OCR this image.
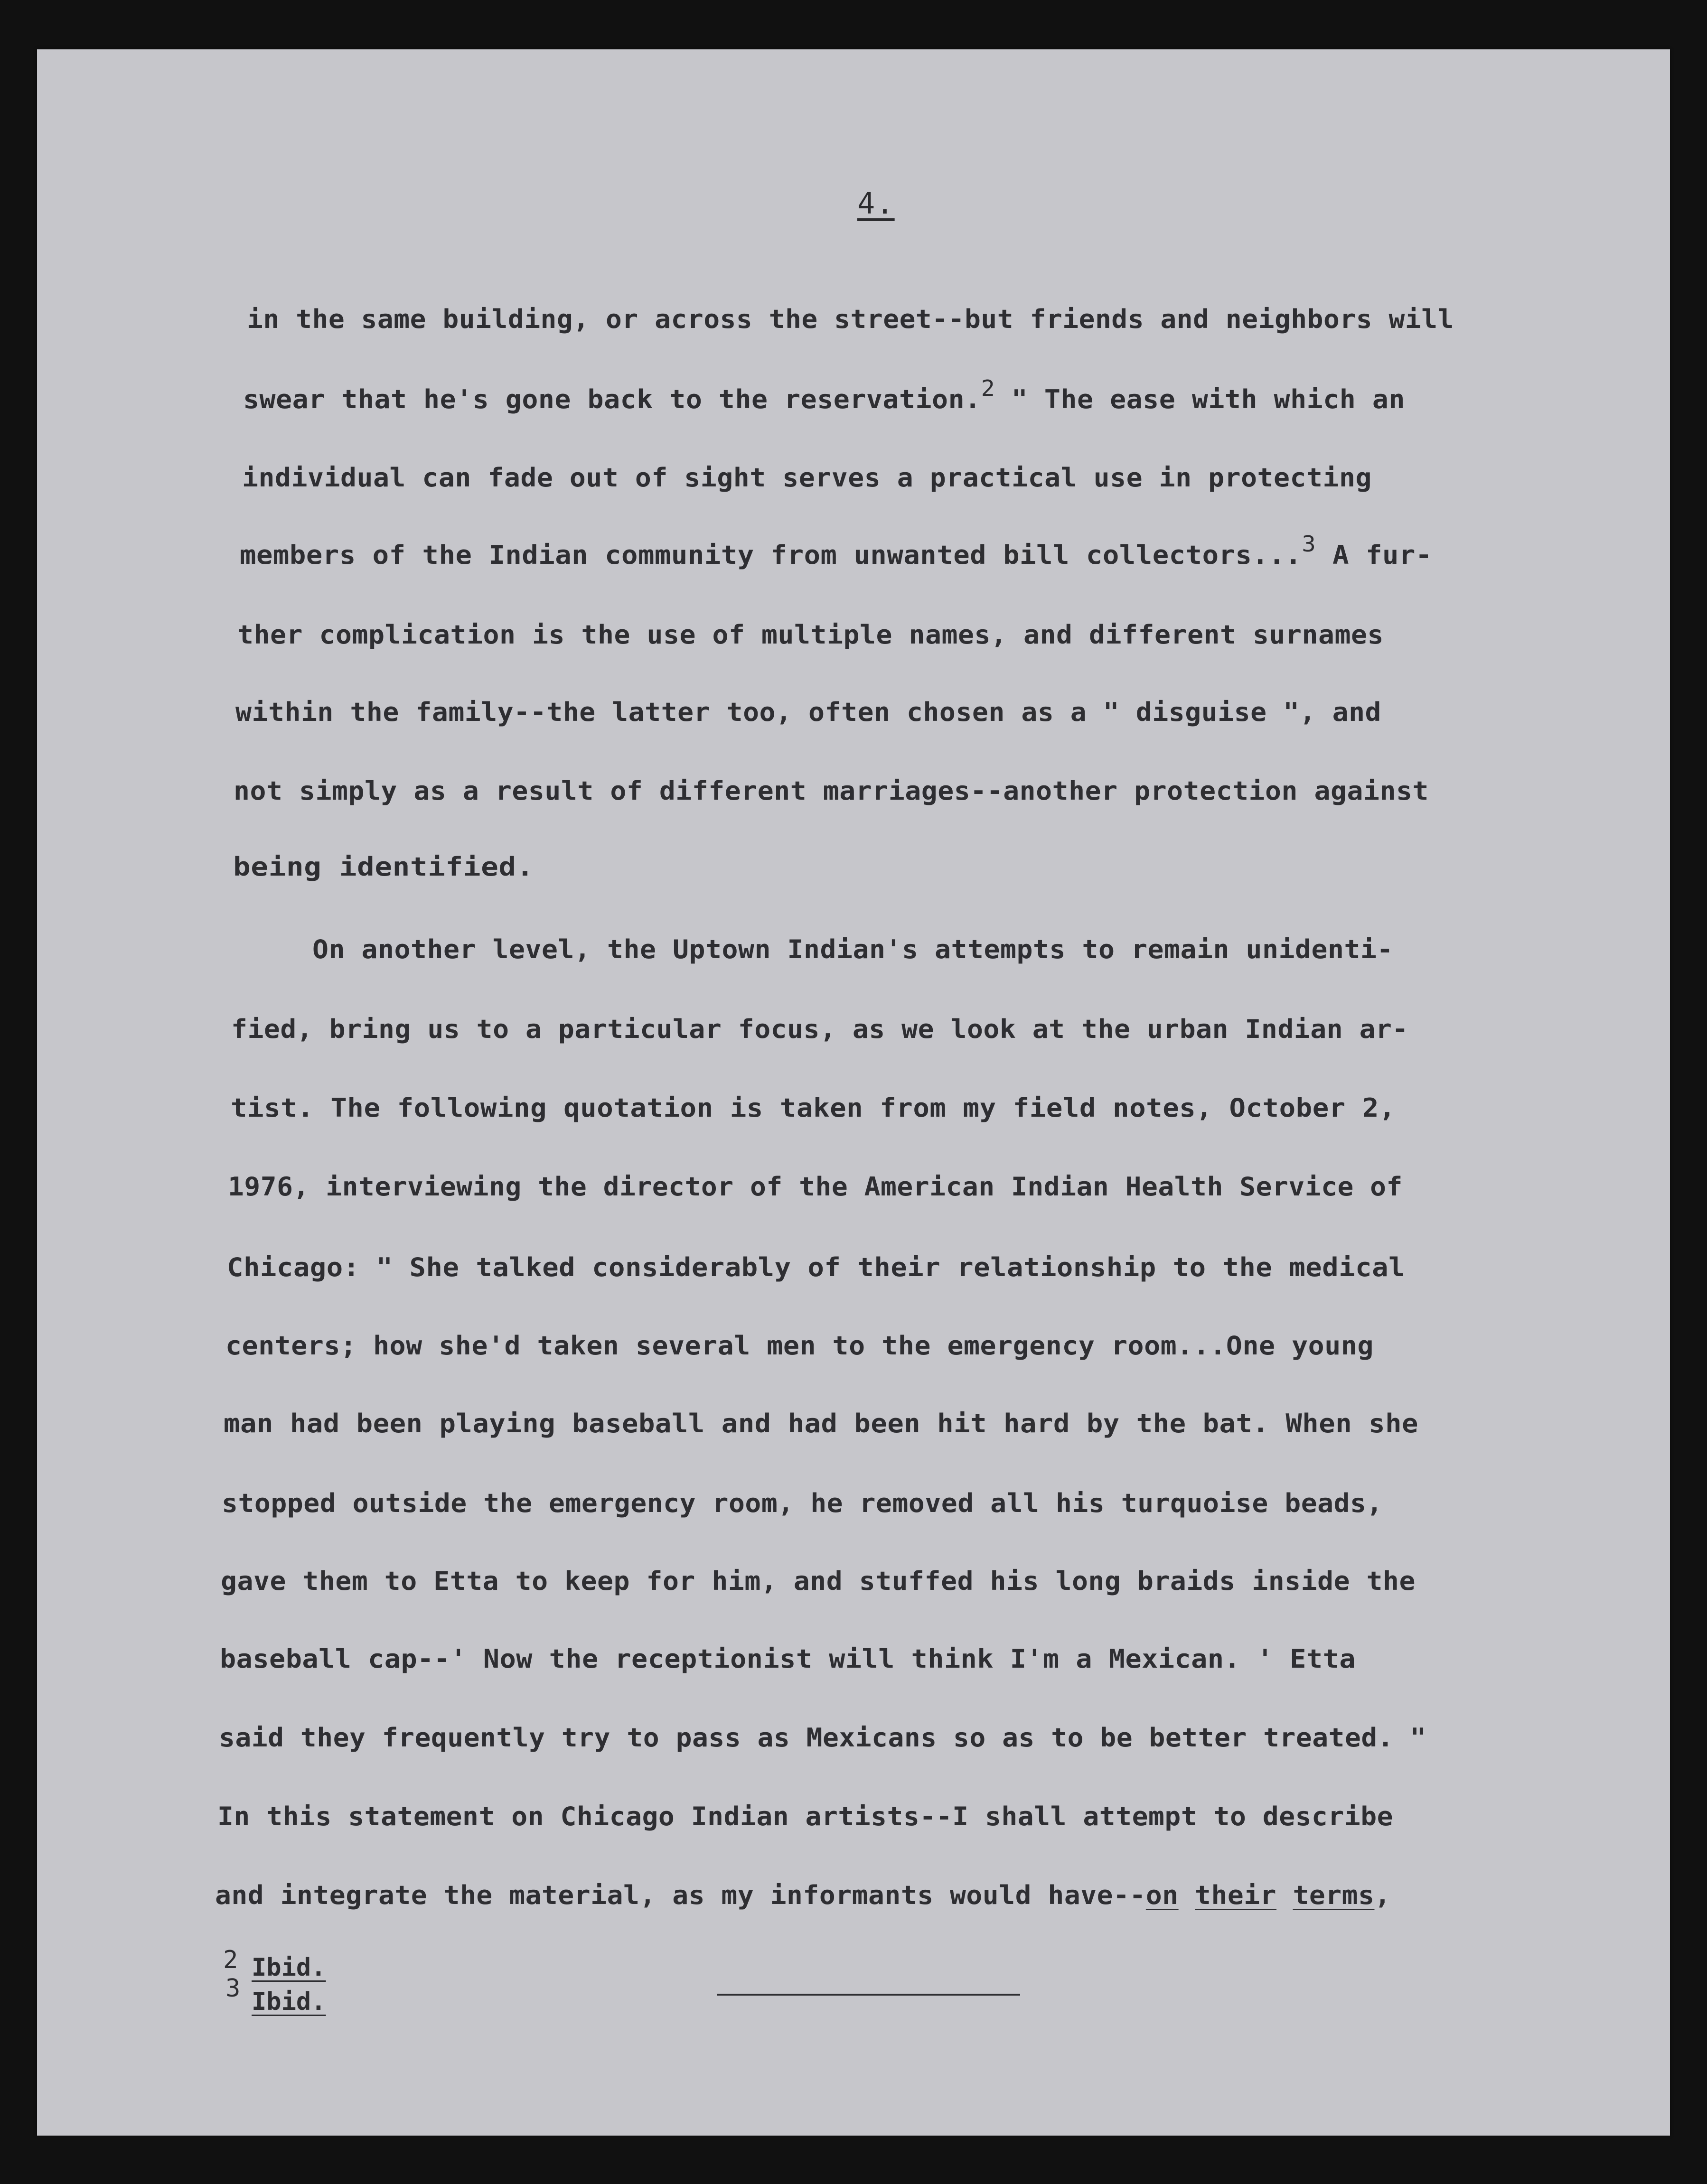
4.
in the same building, or across the street--but friends and neighbors will
swear that he's gone back to the reservation.$^2$ " The ease with which an
individual can fade out of sight serves a practical use in protecting
members of the Indian community from unwanted bill collectors...$^3$ A fur-
ther complication is the use of multiple names, and different surnames
within the family--the latter too, often chosen as a " disguise ", and
not simply as a result of different marriages--another protection against
being identified.
On another level, the Uptown Indian's attempts to remain unidenti-
fied, bring us to a particular focus, as we look at the urban Indian ar-
tist. The following quotation is taken from my field notes, October 2,
1976, interviewing the director of the American Indian Health Service of
Chicago: " She talked considerably of their relationship to the medical
centers; how she'd taken several men to the emergency room...One young
man had been playing baseball and had been hit hard by the bat. When she
stopped outside the emergency room, he removed all his turquoise beads,
gave them to Etta to keep for him, and stuffed his long braids inside the
baseball cap--' Now the receptionist will think I'm a Mexican. ' Etta
said they frequently try to pass as Mexicans so as to be better treated. "
In this statement on Chicago Indian artists--I shall attempt to describe
and integrate the material, as my informants would have--on their terms,
2 Ibid.
3 Ibid.
